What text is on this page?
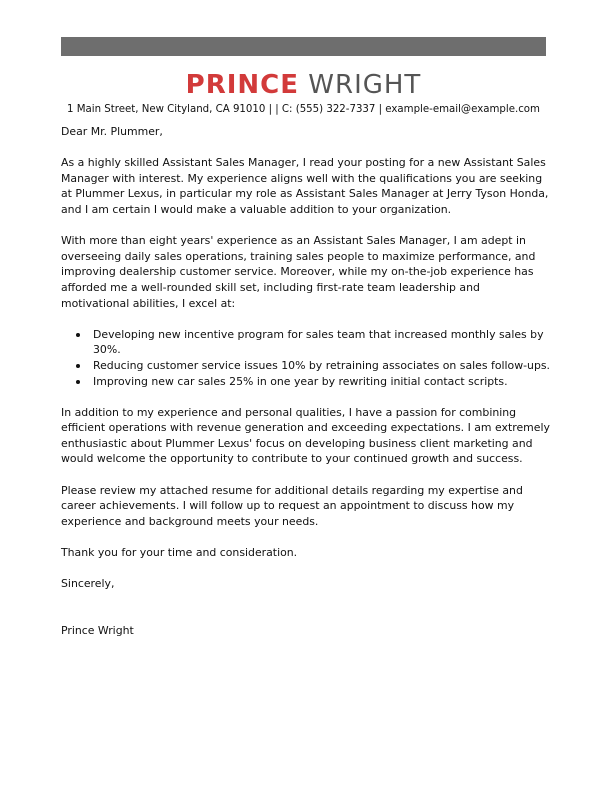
PRINCE WRIGHT
1 Main Street, New Cityland, CA 91010 | | C: (555) 322-7337 | example-email@example.com

Dear Mr. Plummer,

As a highly skilled Assistant Sales Manager, I read your posting for a new Assistant Sales Manager with interest. My experience aligns well with the qualifications you are seeking at Plummer Lexus, in particular my role as Assistant Sales Manager at Jerry Tyson Honda, and I am certain I would make a valuable addition to your organization.

With more than eight years' experience as an Assistant Sales Manager, I am adept in overseeing daily sales operations, training sales people to maximize performance, and improving dealership customer service. Moreover, while my on-the-job experience has afforded me a well-rounded skill set, including first-rate team leadership and motivational abilities, I excel at:

Developing new incentive program for sales team that increased monthly sales by 30%.
Reducing customer service issues 10% by retraining associates on sales follow-ups.
Improving new car sales 25% in one year by rewriting initial contact scripts.

In addition to my experience and personal qualities, I have a passion for combining efficient operations with revenue generation and exceeding expectations. I am extremely enthusiastic about Plummer Lexus' focus on developing business client marketing and would welcome the opportunity to contribute to your continued growth and success.

Please review my attached resume for additional details regarding my expertise and career achievements. I will follow up to request an appointment to discuss how my experience and background meets your needs.

Thank you for your time and consideration.

Sincerely,

Prince Wright
